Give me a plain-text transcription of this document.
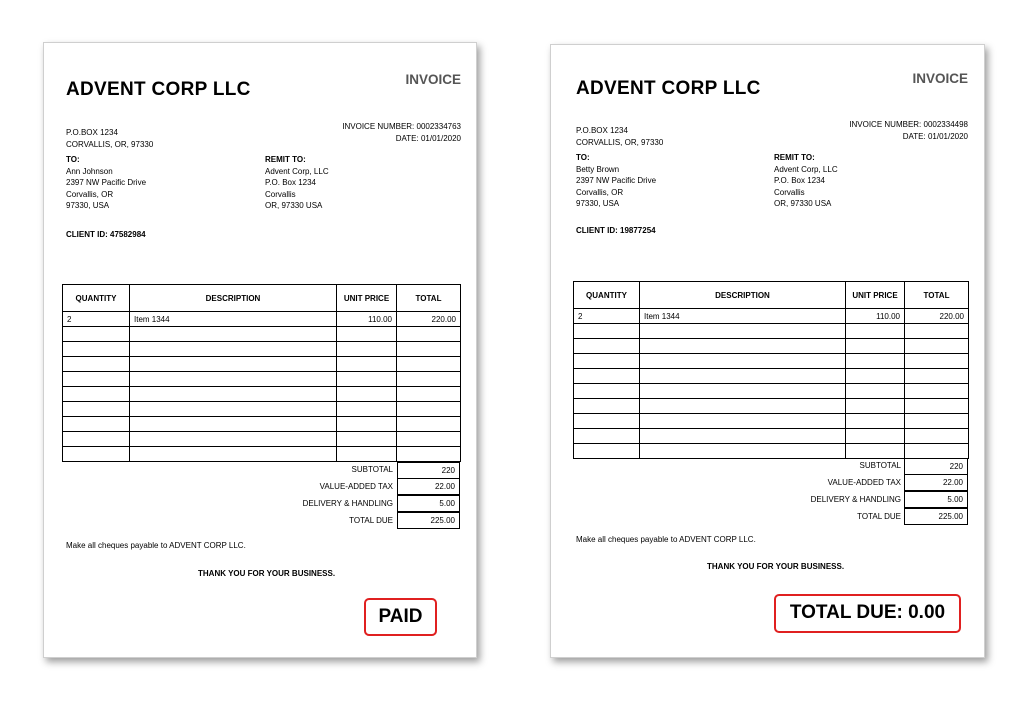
ADVENT CORP LLC	INVOICE
P.O.BOX 1234
CORVALLIS, OR, 97330
INVOICE NUMBER: 0002334763
DATE: 01/01/2020
TO:
Ann Johnson
2397 NW Pacific Drive
Corvallis, OR
97330, USA
REMIT TO:
Advent Corp, LLC
P.O. Box 1234
Corvallis
OR, 97330 USA
CLIENT ID: 47582984
QUANTITY	DESCRIPTION	UNIT PRICE	TOTAL
2	Item 1344	110.00	220.00

SUBTOTAL	220
VALUE-ADDED TAX	22.00
DELIVERY & HANDLING	5.00
TOTAL DUE	225.00
Make all cheques payable to ADVENT CORP LLC.
THANK YOU FOR YOUR BUSINESS.
PAID
ADVENT CORP LLC	INVOICE
P.O.BOX 1234
CORVALLIS, OR, 97330
INVOICE NUMBER: 0002334498
DATE: 01/01/2020
TO:
Betty Brown
2397 NW Pacific Drive
Corvallis, OR
97330, USA
REMIT TO:
Advent Corp, LLC
P.O. Box 1234
Corvallis
OR, 97330 USA
CLIENT ID: 19877254
QUANTITY	DESCRIPTION	UNIT PRICE	TOTAL
2	Item 1344	110.00	220.00

SUBTOTAL	220
VALUE-ADDED TAX	22.00
DELIVERY & HANDLING	5.00
TOTAL DUE	225.00
Make all cheques payable to ADVENT CORP LLC.
THANK YOU FOR YOUR BUSINESS.
TOTAL DUE: 0.00
